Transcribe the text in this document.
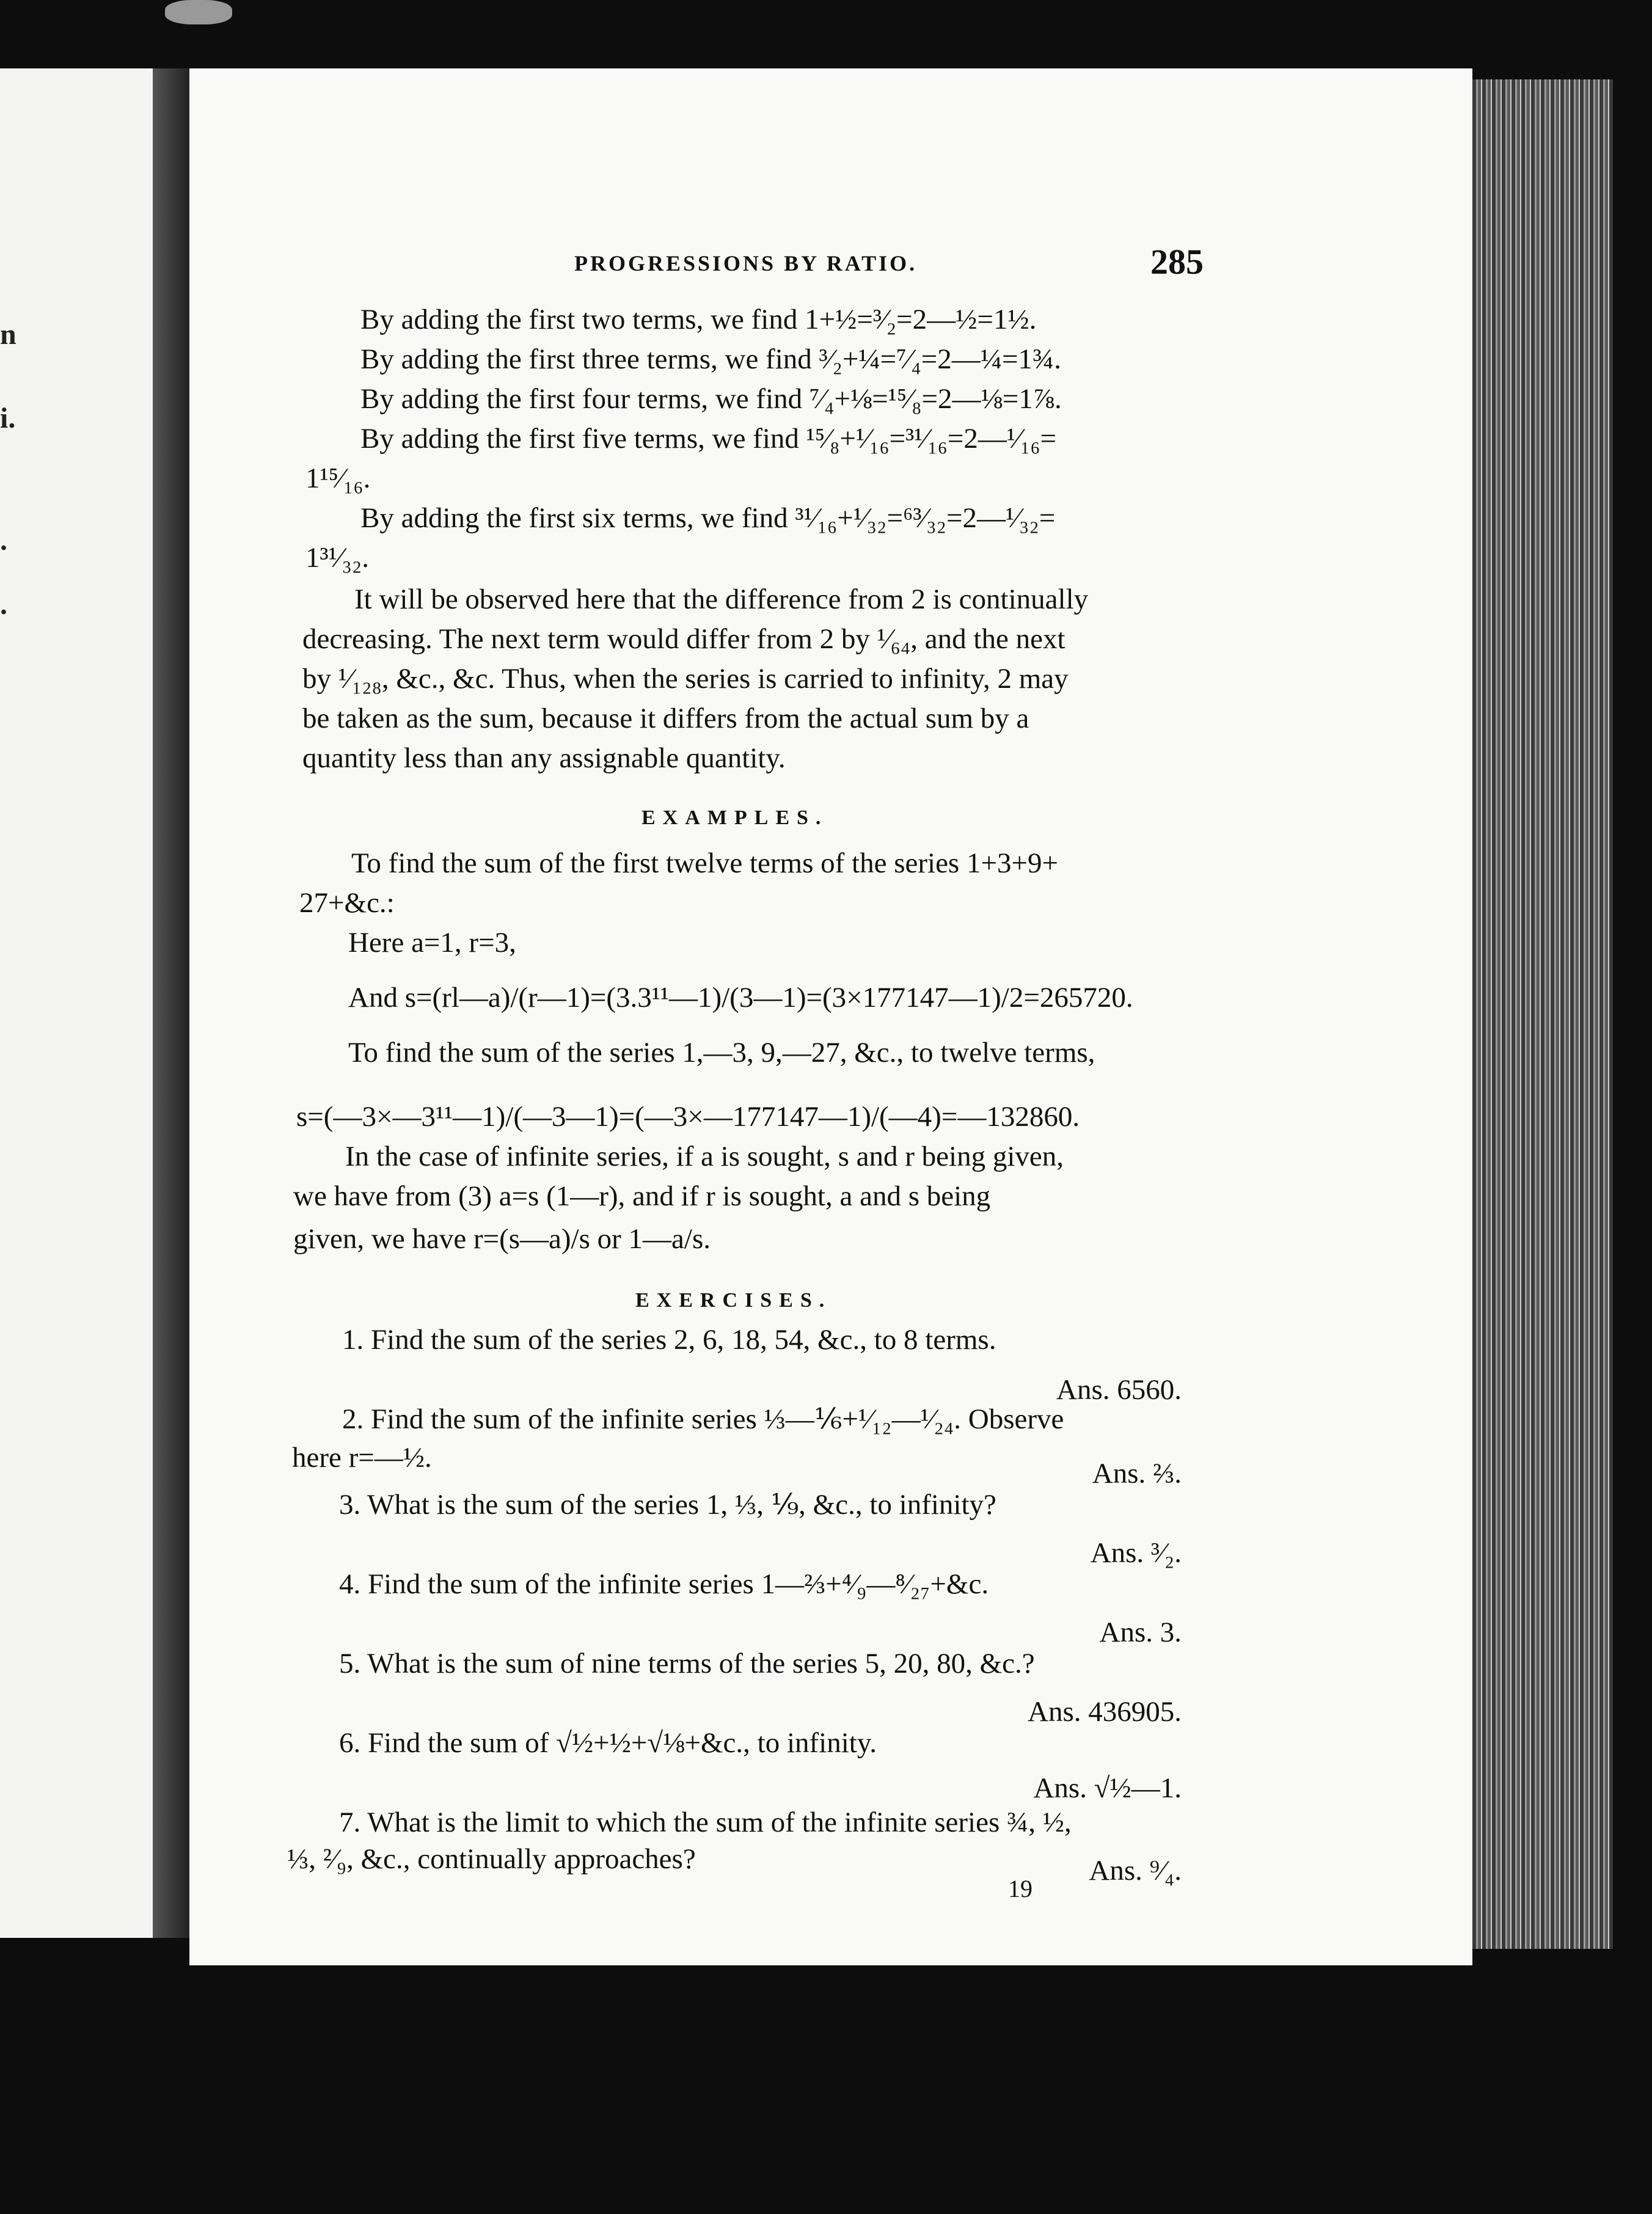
n
i.
.
.
PROGRESSIONS BY RATIO.	285
By adding the first two terms, we find 1+½=³⁄₂=2—½=1½.
By adding the first three terms, we find ³⁄₂+¼=⁷⁄₄=2—¼=1¾.
By adding the first four terms, we find ⁷⁄₄+⅛=¹⁵⁄₈=2—⅛=1⅞.
By adding the first five terms, we find ¹⁵⁄₈+¹⁄₁₆=³¹⁄₁₆=2—¹⁄₁₆=
1¹⁵⁄₁₆.
By adding the first six terms, we find ³¹⁄₁₆+¹⁄₃₂=⁶³⁄₃₂=2—¹⁄₃₂=
1³¹⁄₃₂.
It will be observed here that the difference from 2 is continually
decreasing. The next term would differ from 2 by ¹⁄₆₄, and the next
by ¹⁄₁₂₈, &c., &c. Thus, when the series is carried to infinity, 2 may
be taken as the sum, because it differs from the actual sum by a
quantity less than any assignable quantity.
EXAMPLES.
To find the sum of the first twelve terms of the series 1+3+9+
27+&c.:
Here a=1, r=3,
And s=(rl—a)/(r—1)=(3.3¹¹—1)/(3—1)=(3×177147—1)/2=265720.
To find the sum of the series 1,—3, 9,—27, &c., to twelve terms,
s=(—3×—3¹¹—1)/(—3—1)=(—3×—177147—1)/(—4)=—132860.
In the case of infinite series, if a is sought, s and r being given,
we have from (3) a=s (1—r), and if r is sought, a and s being
given, we have r=(s—a)/s or 1—a/s.
EXERCISES.
1. Find the sum of the series 2, 6, 18, 54, &c., to 8 terms.
Ans. 6560.
2. Find the sum of the infinite series ⅓—⅙+¹⁄₁₂—¹⁄₂₄. Observe
here r=—½.	Ans. ⅔.
3. What is the sum of the series 1, ⅓, ⅑, &c., to infinity?
Ans. ³⁄₂.
4. Find the sum of the infinite series 1—⅔+⁴⁄₉—⁸⁄₂₇+&c.
Ans. 3.
5. What is the sum of nine terms of the series 5, 20, 80, &c.?
Ans. 436905.
6. Find the sum of √½+½+√⅛+&c., to infinity.
Ans. √½—1.
7. What is the limit to which the sum of the infinite series ¾, ½,
⅓, ²⁄₉, &c., continually approaches?	Ans. ⁹⁄₄.
19
